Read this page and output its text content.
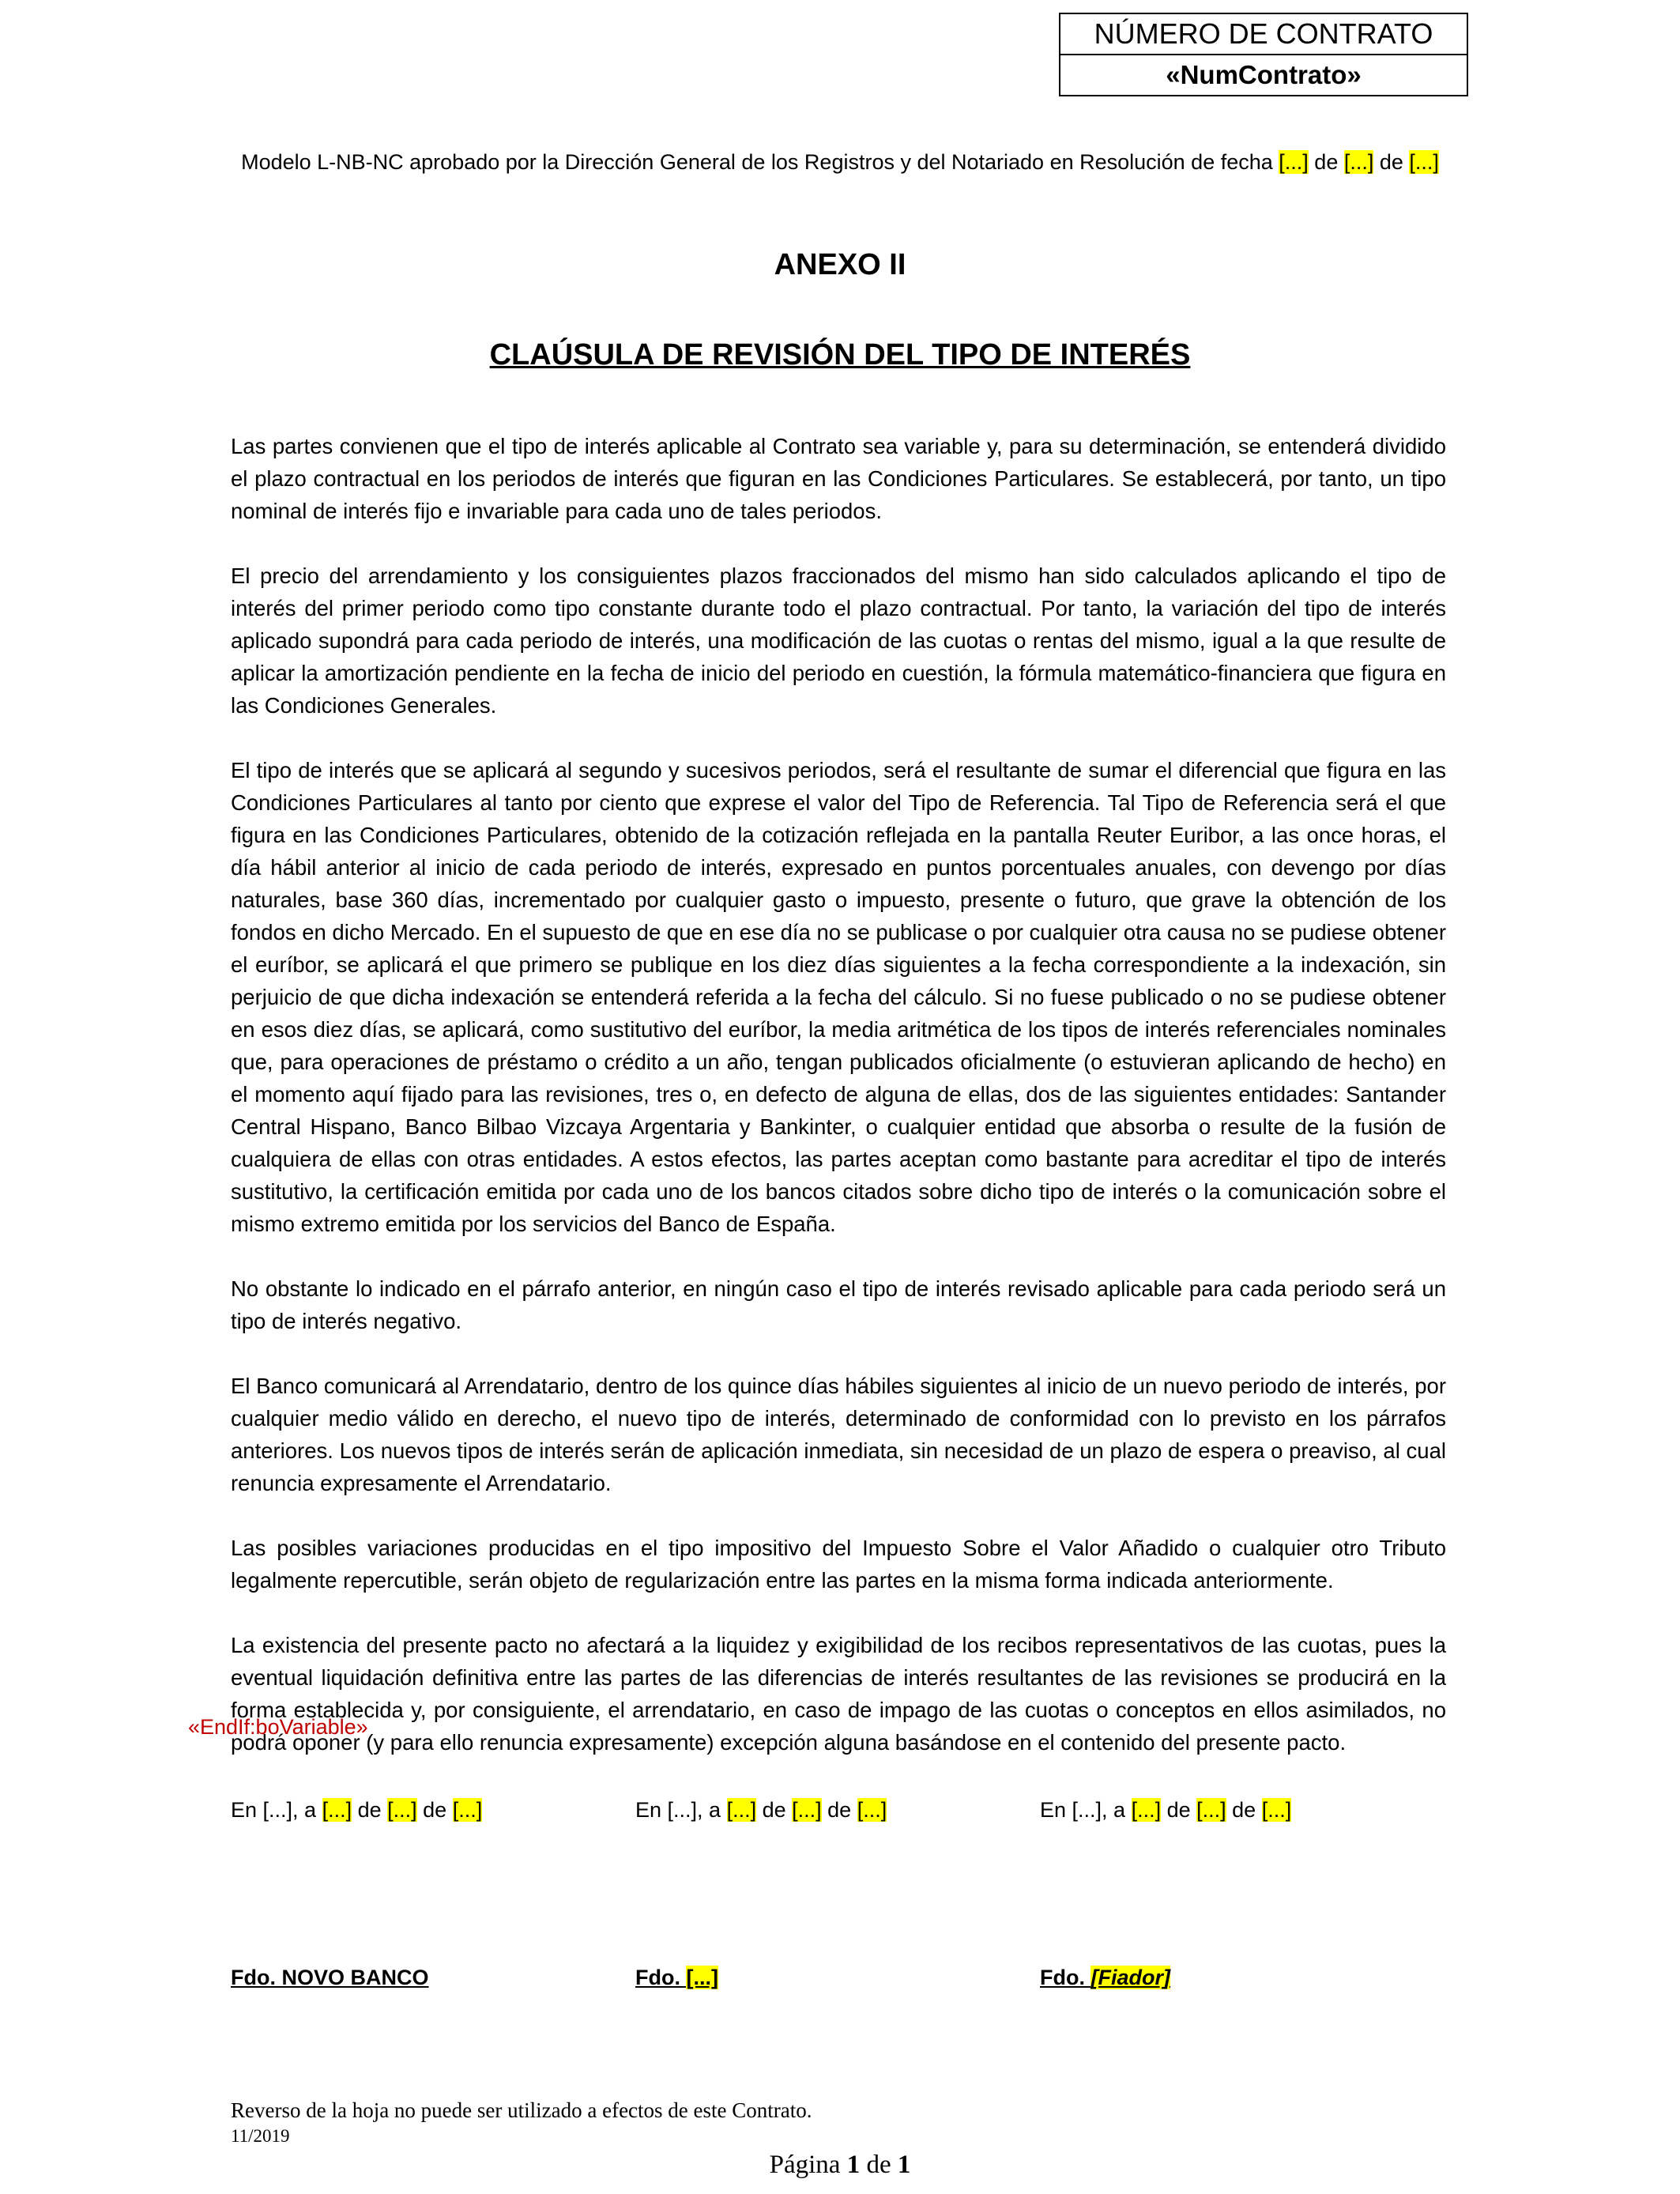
NÚMERO DE CONTRATO
«NumContrato»
Modelo L-NB-NC aprobado por la Dirección General de los Registros y del Notariado en Resolución de fecha [...] de [...] de [...]
ANEXO II
CLAÚSULA DE REVISIÓN DEL TIPO DE INTERÉS

Las partes convienen que el tipo de interés aplicable al Contrato sea variable y, para su determinación, se entenderá dividido el plazo contractual en los periodos de interés que figuran en las Condiciones Particulares. Se establecerá, por tanto, un tipo nominal de interés fijo e invariable para cada uno de tales periodos.

El precio del arrendamiento y los consiguientes plazos fraccionados del mismo han sido calculados aplicando el tipo de interés del primer periodo como tipo constante durante todo el plazo contractual. Por tanto, la variación del tipo de interés aplicado supondrá para cada periodo de interés, una modificación de las cuotas o rentas del mismo, igual a la que resulte de aplicar la amortización pendiente en la fecha de inicio del periodo en cuestión, la fórmula matemático-financiera que figura en las Condiciones Generales.

El tipo de interés que se aplicará al segundo y sucesivos periodos, será el resultante de sumar el diferencial que figura en las Condiciones Particulares al tanto por ciento que exprese el valor del Tipo de Referencia. Tal Tipo de Referencia será el que figura en las Condiciones Particulares, obtenido de la cotización reflejada en la pantalla Reuter Euribor, a las once horas, el día hábil anterior al inicio de cada periodo de interés, expresado en puntos porcentuales anuales, con devengo por días naturales, base 360 días, incrementado por cualquier gasto o impuesto, presente o futuro, que grave la obtención de los fondos en dicho Mercado. En el supuesto de que en ese día no se publicase o por cualquier otra causa no se pudiese obtener el euríbor, se aplicará el que primero se publique en los diez días siguientes a la fecha correspondiente a la indexación, sin perjuicio de que dicha indexación se entenderá referida a la fecha del cálculo. Si no fuese publicado o no se pudiese obtener en esos diez días, se aplicará, como sustitutivo del euríbor, la media aritmética de los tipos de interés referenciales nominales que, para operaciones de préstamo o crédito a un año, tengan publicados oficialmente (o estuvieran aplicando de hecho) en el momento aquí fijado para las revisiones, tres o, en defecto de alguna de ellas, dos de las siguientes entidades: Santander Central Hispano, Banco Bilbao Vizcaya Argentaria y Bankinter, o cualquier entidad que absorba o resulte de la fusión de cualquiera de ellas con otras entidades. A estos efectos, las partes aceptan como bastante para acreditar el tipo de interés sustitutivo, la certificación emitida por cada uno de los bancos citados sobre dicho tipo de interés o la comunicación sobre el mismo extremo emitida por los servicios del Banco de España.

No obstante lo indicado en el párrafo anterior, en ningún caso el tipo de interés revisado aplicable para cada periodo será un tipo de interés negativo.

El Banco comunicará al Arrendatario, dentro de los quince días hábiles siguientes al inicio de un nuevo periodo de interés, por cualquier medio válido en derecho, el nuevo tipo de interés, determinado de conformidad con lo previsto en los párrafos anteriores. Los nuevos tipos de interés serán de aplicación inmediata, sin necesidad de un plazo de espera o preaviso, al cual renuncia expresamente el Arrendatario.

Las posibles variaciones producidas en el tipo impositivo del Impuesto Sobre el Valor Añadido o cualquier otro Tributo legalmente repercutible, serán objeto de regularización entre las partes en la misma forma indicada anteriormente.

La existencia del presente pacto no afectará a la liquidez y exigibilidad de los recibos representativos de las cuotas, pues la eventual liquidación definitiva entre las partes de las diferencias de interés resultantes de las revisiones se producirá en la forma establecida y, por consiguiente, el arrendatario, en caso de impago de las cuotas o conceptos en ellos asimilados, no podrá oponer (y para ello renuncia expresamente) excepción alguna basándose en el contenido del presente pacto.

«EndIf:boVariable»
En [...], a [...] de [...] de [...]	En [...], a [...] de [...] de [...]	En [...], a [...] de [...] de [...]
Fdo. NOVO BANCO	Fdo. [...]	Fdo. [Fiador]
Reverso de la hoja no puede ser utilizado a efectos de este Contrato.
11/2019
Página 1 de 1
